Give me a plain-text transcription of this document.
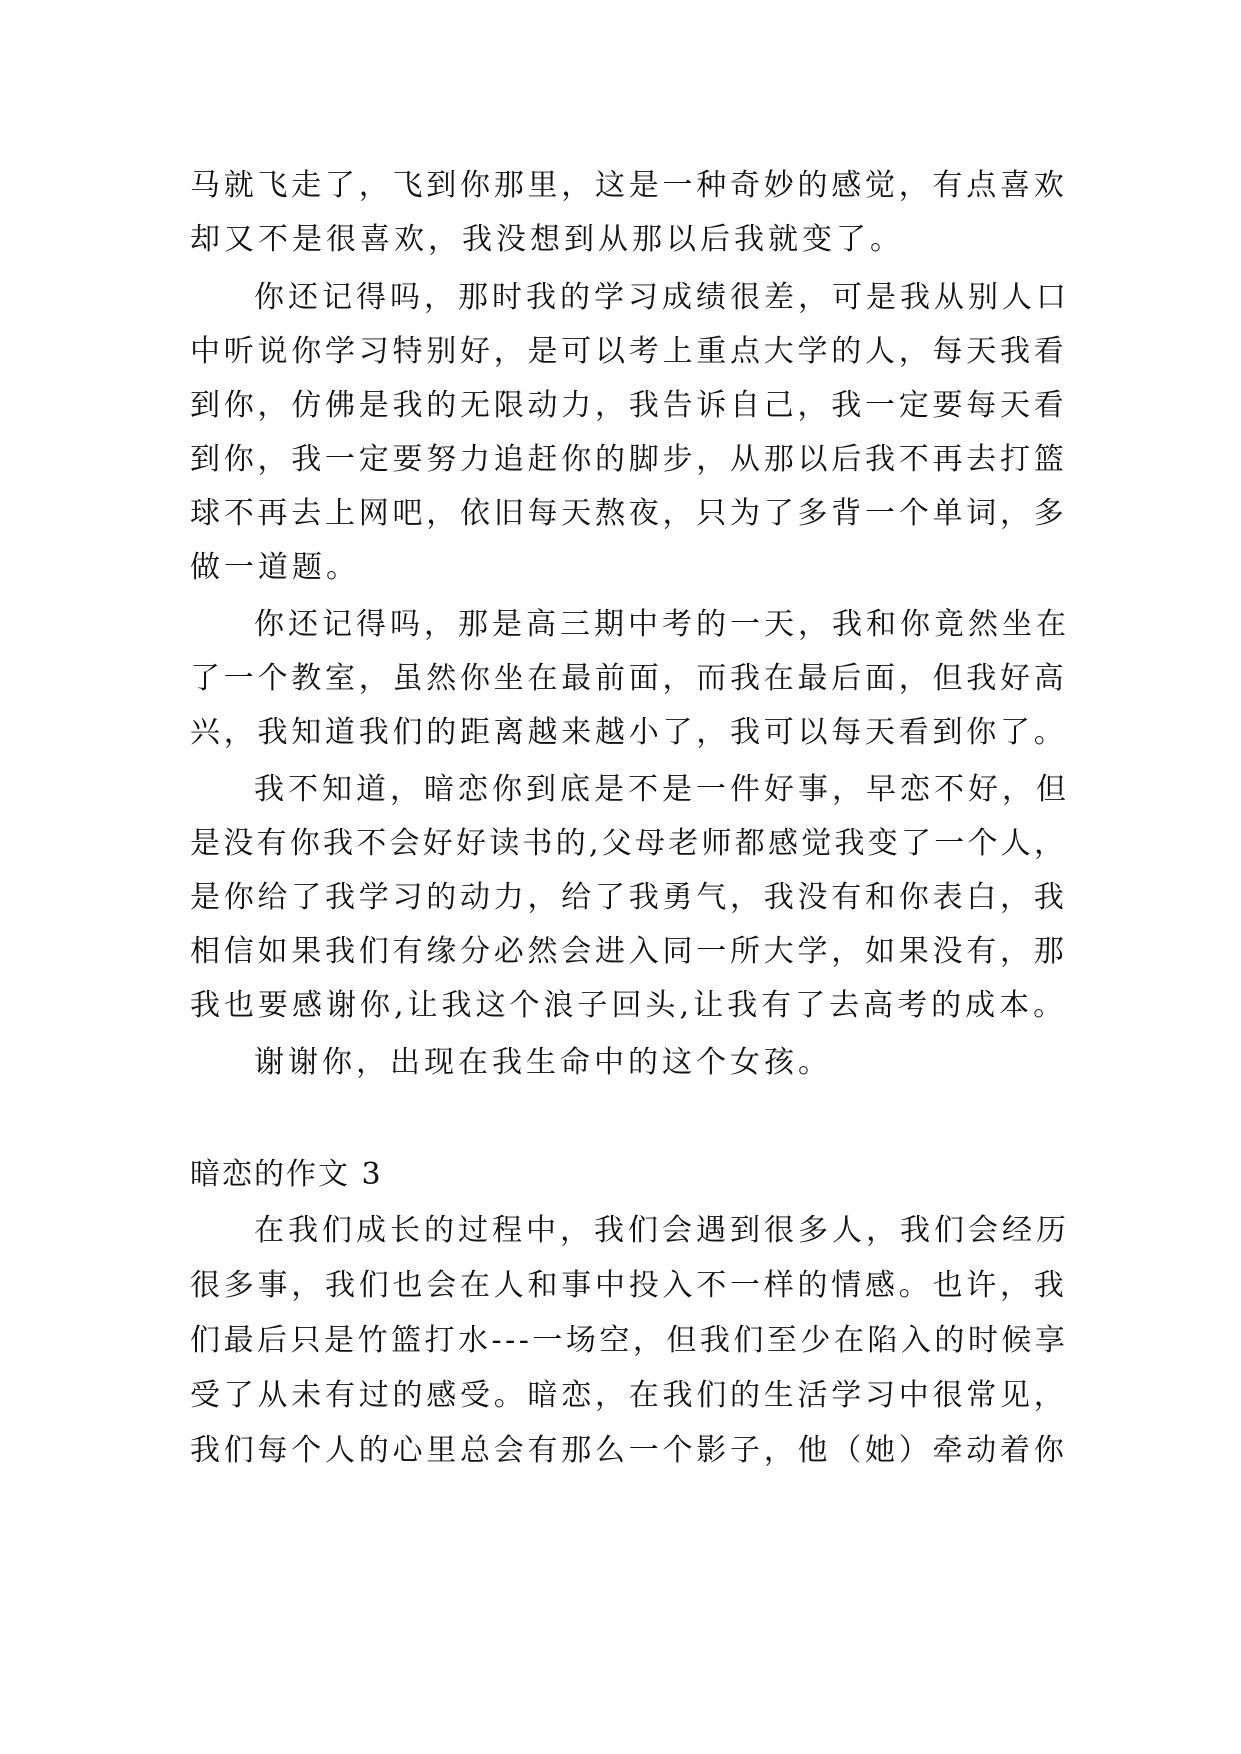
马就飞走了，飞到你那里，这是一种奇妙的感觉，有点喜欢
却又不是很喜欢，我没想到从那以后我就变了。
你还记得吗，那时我的学习成绩很差，可是我从别人口
中听说你学习特别好，是可以考上重点大学的人，每天我看
到你，仿佛是我的无限动力，我告诉自己，我一定要每天看
到你，我一定要努力追赶你的脚步，从那以后我不再去打篮
球不再去上网吧，依旧每天熬夜，只为了多背一个单词，多
做一道题。
你还记得吗，那是高三期中考的一天，我和你竟然坐在
了一个教室，虽然你坐在最前面，而我在最后面，但我好高
兴，我知道我们的距离越来越小了，我可以每天看到你了。
我不知道，暗恋你到底是不是一件好事，早恋不好，但
是没有你我不会好好读书的,父母老师都感觉我变了一个人，
是你给了我学习的动力，给了我勇气，我没有和你表白，我
相信如果我们有缘分必然会进入同一所大学，如果没有，那
我也要感谢你,让我这个浪子回头,让我有了去高考的成本。
谢谢你，出现在我生命中的这个女孩。
暗恋的作文 3
在我们成长的过程中，我们会遇到很多人，我们会经历
很多事，我们也会在人和事中投入不一样的情感。也许，我
们最后只是竹篮打水---一场空，但我们至少在陷入的时候享
受了从未有过的感受。暗恋，在我们的生活学习中很常见，
我们每个人的心里总会有那么一个影子，他（她）牵动着你
